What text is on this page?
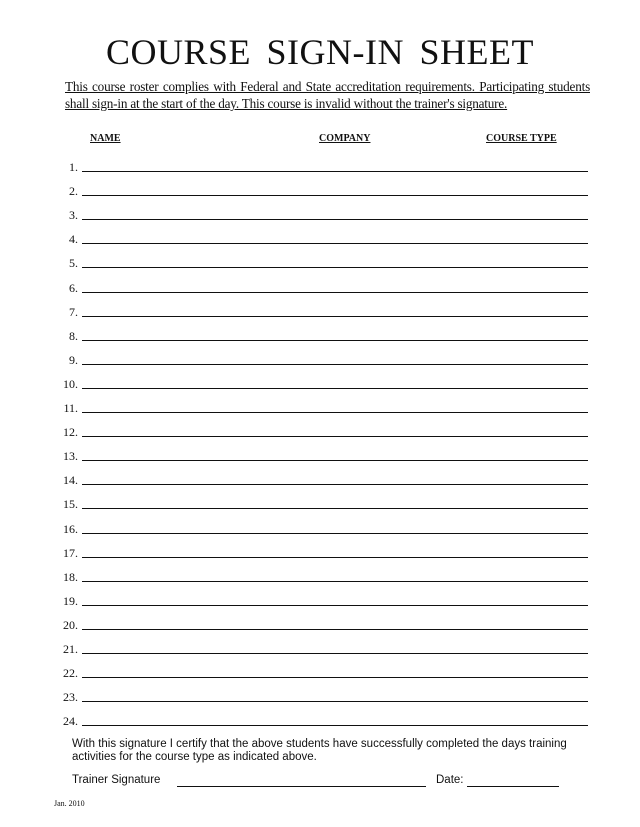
COURSE SIGN-IN SHEET
This course roster complies with Federal and State accreditation requirements. Participating students shall sign-in at the start of the day. This course is invalid without the trainer's signature.
NAME	COMPANY	COURSE TYPE
1.
2.
3.
4.
5.
6.
7.
8.
9.
10.
11.
12.
13.
14.
15.
16.
17.
18.
19.
20.
21.
22.
23.
24.
With this signature I certify that the above students have successfully completed the days training activities for the course type as indicated above.
Trainer Signature	Date:
Jan. 2010
